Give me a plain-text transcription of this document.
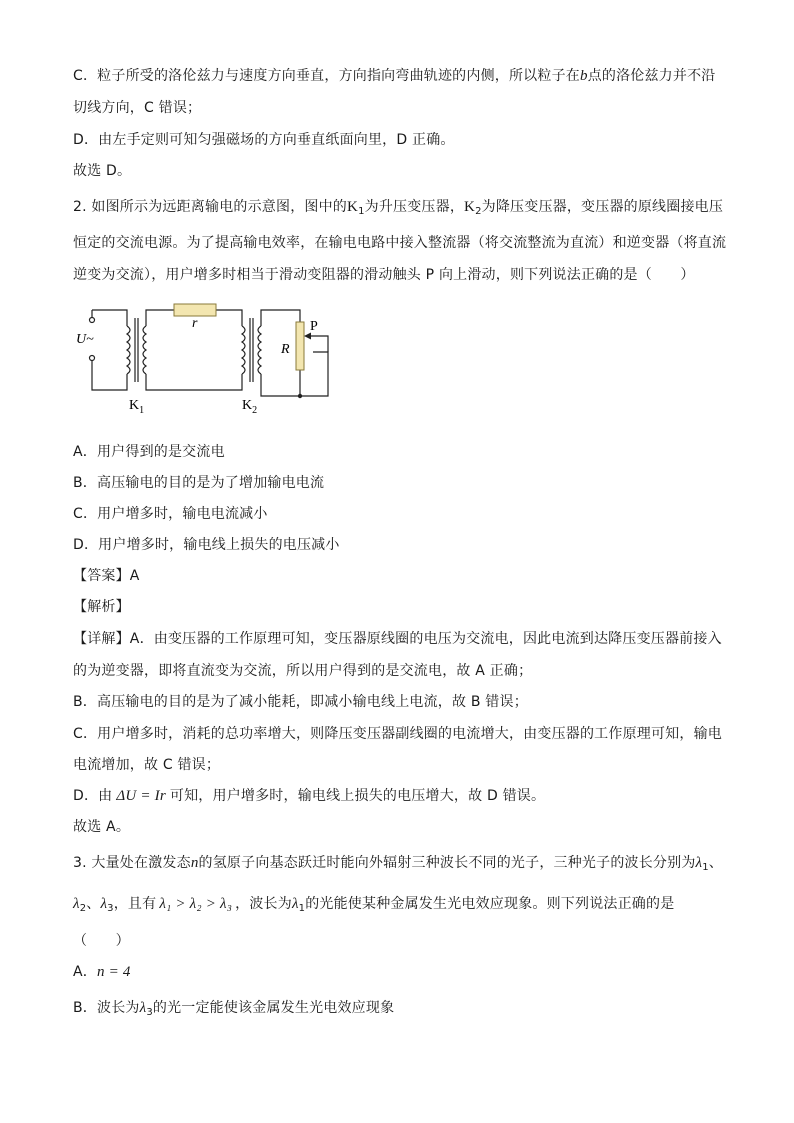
C．粒子所受的洛伦兹力与速度方向垂直，方向指向弯曲轨迹的内侧，所以粒子在b点的洛伦兹力并不沿
切线方向，C 错误；
D．由左手定则可知匀强磁场的方向垂直纸面向里，D 正确。
故选 D。
2. 如图所示为远距离输电的示意图，图中的$K_1$为升压变压器，$K_2$为降压变压器，变压器的原线圈接电压
恒定的交流电源。为了提高输电效率，在输电电路中接入整流器（将交流整流为直流）和逆变器（将直流
逆变为交流），用户增多时相当于滑动变阻器的滑动触头 P 向上滑动，则下列说法正确的是（　　）
U~
r
R
P
$K_1$	$K_2$
A．用户得到的是交流电
B．高压输电的目的是为了增加输电电流
C．用户增多时，输电电流减小
D．用户增多时，输电线上损失的电压减小
【答案】A
【解析】
【详解】A．由变压器的工作原理可知，变压器原线圈的电压为交流电，因此电流到达降压变压器前接入
的为逆变器，即将直流变为交流，所以用户得到的是交流电，故 A 正确；
B．高压输电的目的是为了减小能耗，即减小输电线上电流，故 B 错误；
C．用户增多时，消耗的总功率增大，则降压变压器副线圈的电流增大，由变压器的工作原理可知，输电
电流增加，故 C 错误；
D．由 ΔU = Ir 可知，用户增多时，输电线上损失的电压增大，故 D 错误。
故选 A。
3. 大量处在激发态n的氢原子向基态跃迁时能向外辐射三种波长不同的光子，三种光子的波长分别为$\lambda_1$、
$\lambda_2$、$\lambda_3$，且有 λ₁ > λ₂ > λ₃ ，波长为$\lambda_1$的光能使某种金属发生光电效应现象。则下列说法正确的是
（　　）
A．n = 4
B．波长为$\lambda_3$的光一定能使该金属发生光电效应现象
